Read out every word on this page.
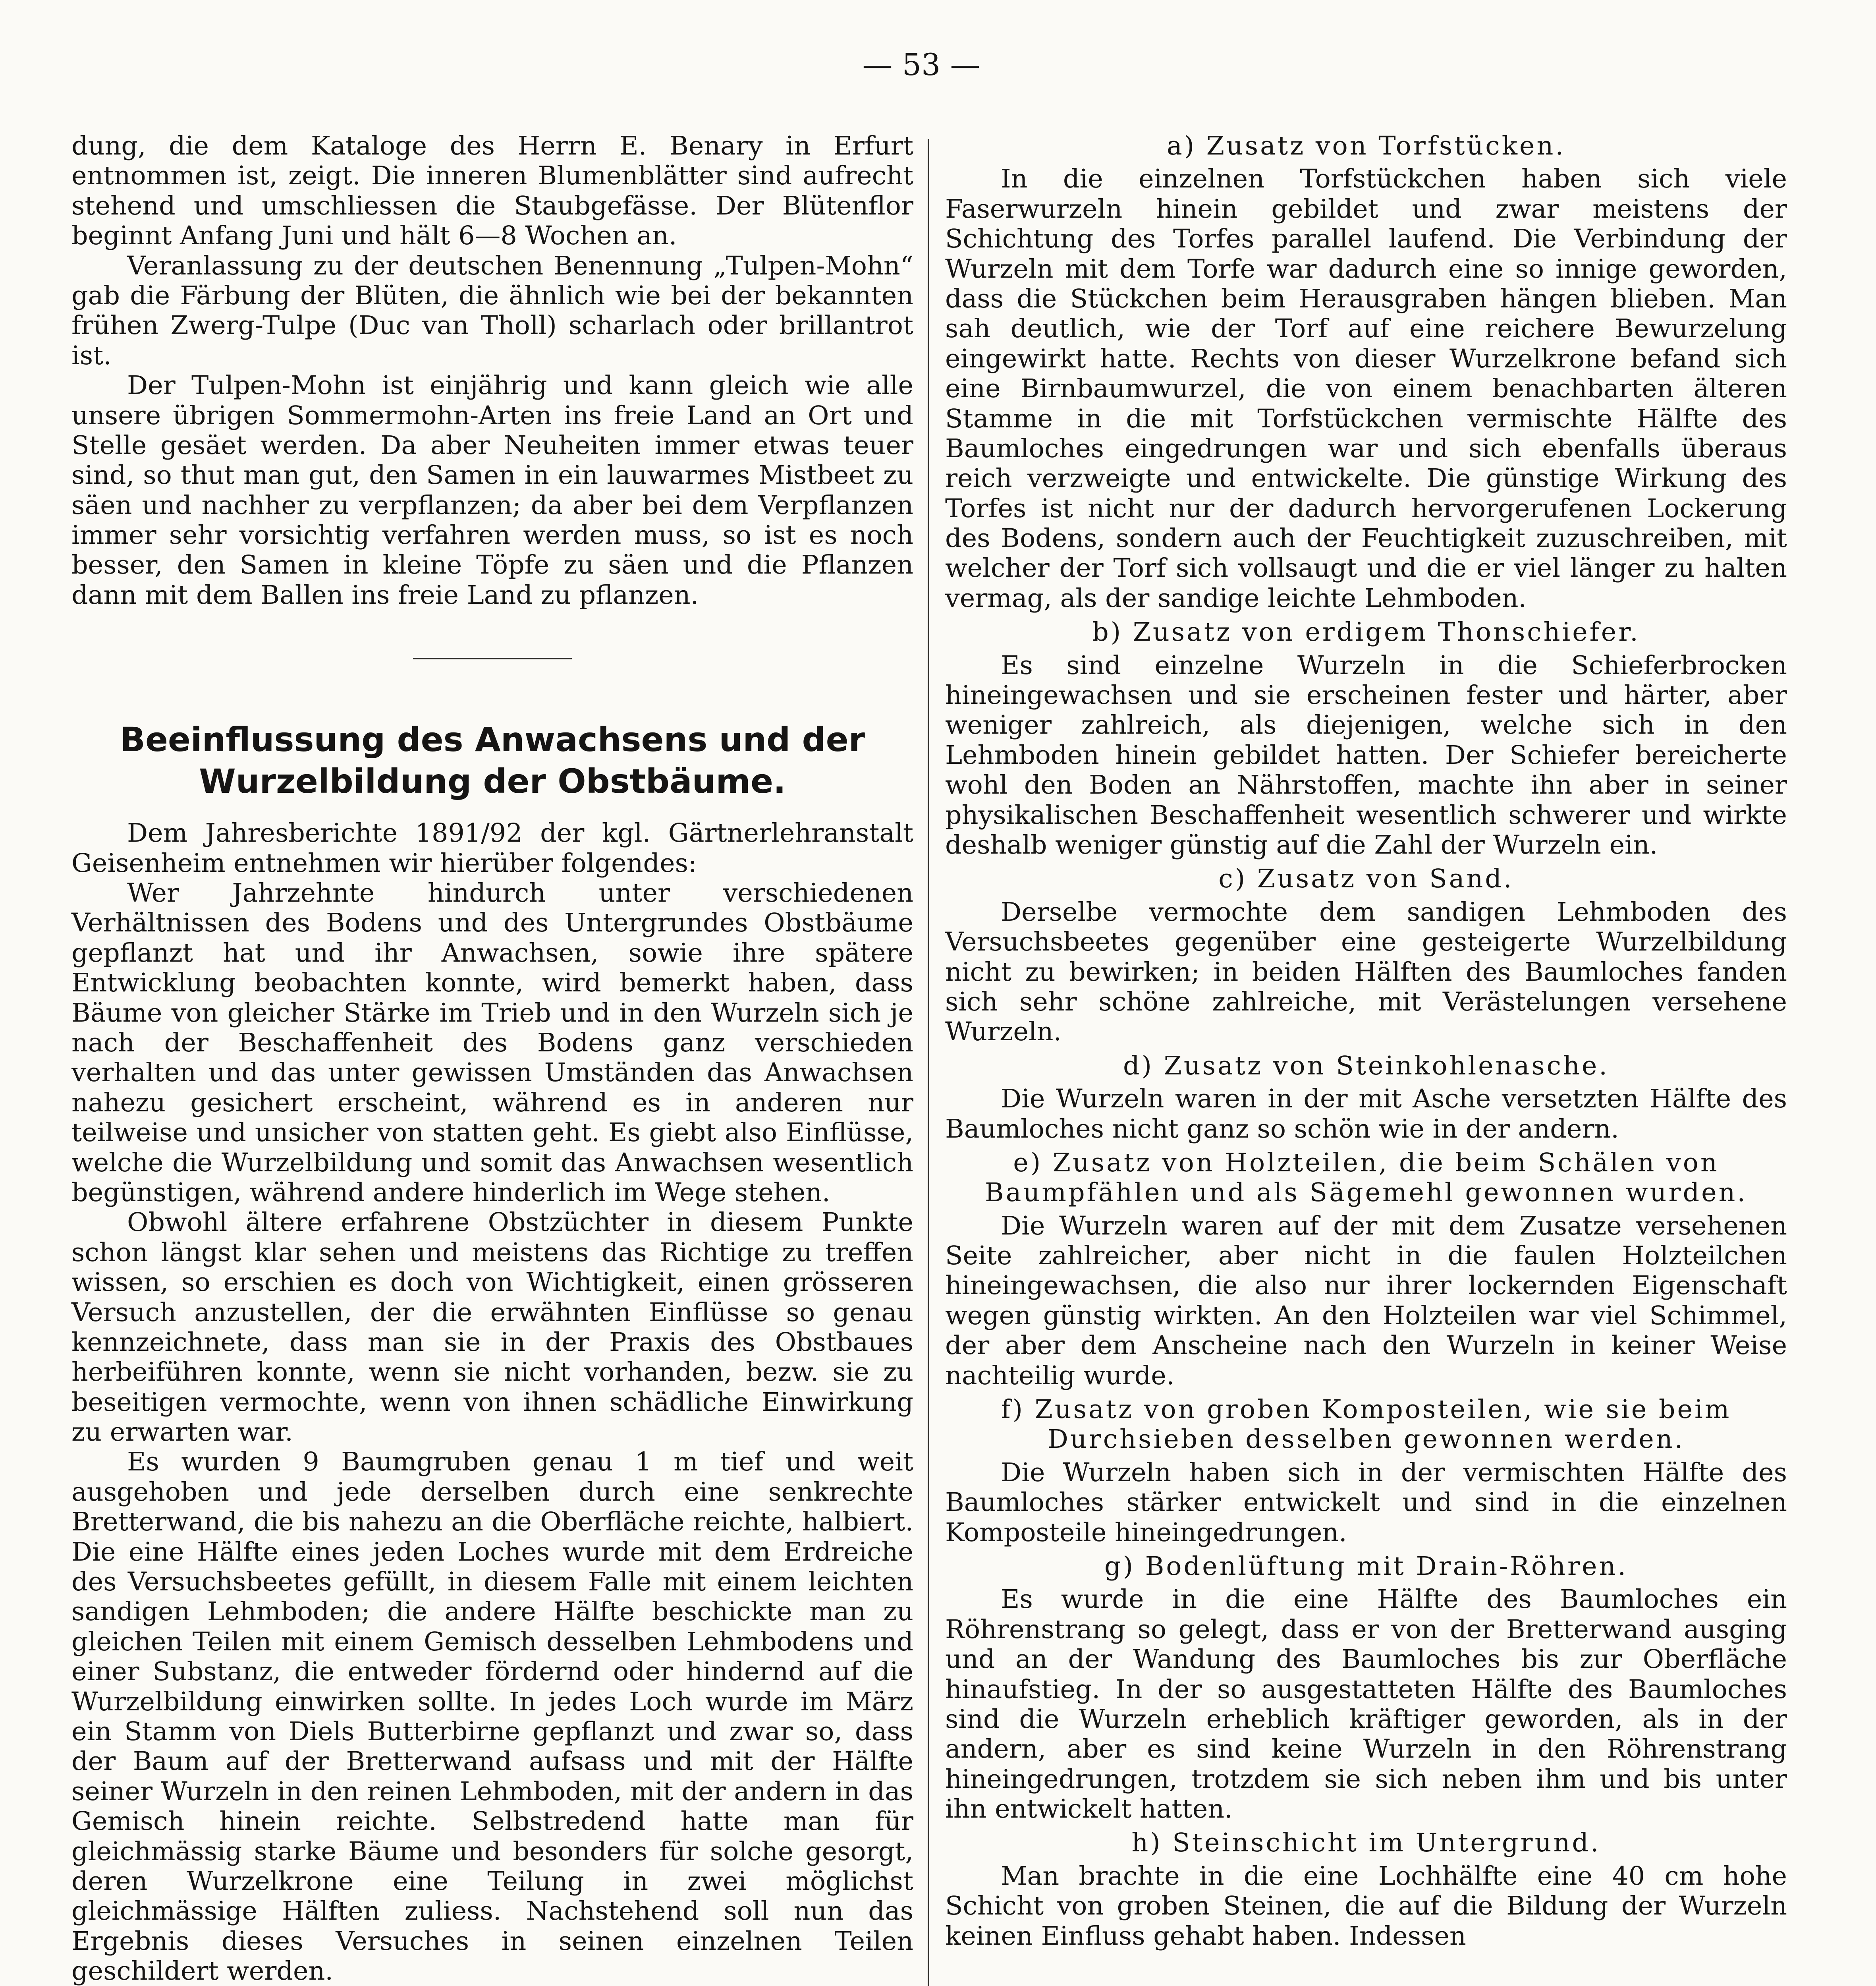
— 53 —

dung, die dem Kataloge des Herrn E. Benary in Erfurt entnommen ist, zeigt. Die inneren Blumenblätter sind aufrecht stehend und umschliessen die Staubgefässe. Der Blütenflor beginnt Anfang Juni und hält 6—8 Wochen an.

Veranlassung zu der deutschen Benennung „Tulpen-Mohn“ gab die Färbung der Blüten, die ähnlich wie bei der bekannten frühen Zwerg-Tulpe (Duc van Tholl) scharlach oder brillantrot ist.

Der Tulpen-Mohn ist einjährig und kann gleich wie alle unsere übrigen Sommermohn-Arten ins freie Land an Ort und Stelle gesäet werden. Da aber Neuheiten immer etwas teuer sind, so thut man gut, den Samen in ein lauwarmes Mistbeet zu säen und nachher zu verpflanzen; da aber bei dem Verpflanzen immer sehr vorsichtig verfahren werden muss, so ist es noch besser, den Samen in kleine Töpfe zu säen und die Pflanzen dann mit dem Ballen ins freie Land zu pflanzen.

Beeinflussung des Anwachsens und der Wurzelbildung der Obstbäume.

Dem Jahresberichte 1891/92 der kgl. Gärtnerlehranstalt Geisenheim entnehmen wir hierüber folgendes:

Wer Jahrzehnte hindurch unter verschiedenen Verhältnissen des Bodens und des Untergrundes Obstbäume gepflanzt hat und ihr Anwachsen, sowie ihre spätere Entwicklung beobachten konnte, wird bemerkt haben, dass Bäume von gleicher Stärke im Trieb und in den Wurzeln sich je nach der Beschaffenheit des Bodens ganz verschieden verhalten und das unter gewissen Umständen das Anwachsen nahezu gesichert erscheint, während es in anderen nur teilweise und unsicher von statten geht. Es giebt also Einflüsse, welche die Wurzelbildung und somit das Anwachsen wesentlich begünstigen, während andere hinderlich im Wege stehen.

Obwohl ältere erfahrene Obstzüchter in diesem Punkte schon längst klar sehen und meistens das Richtige zu treffen wissen, so erschien es doch von Wichtigkeit, einen grösseren Versuch anzustellen, der die erwähnten Einflüsse so genau kennzeichnete, dass man sie in der Praxis des Obstbaues herbeiführen konnte, wenn sie nicht vorhanden, bezw. sie zu beseitigen vermochte, wenn von ihnen schädliche Einwirkung zu erwarten war.

Es wurden 9 Baumgruben genau 1 m tief und weit ausgehoben und jede derselben durch eine senkrechte Bretterwand, die bis nahezu an die Oberfläche reichte, halbiert. Die eine Hälfte eines jeden Loches wurde mit dem Erdreiche des Versuchsbeetes gefüllt, in diesem Falle mit einem leichten sandigen Lehmboden; die andere Hälfte beschickte man zu gleichen Teilen mit einem Gemisch desselben Lehmbodens und einer Substanz, die entweder fördernd oder hindernd auf die Wurzelbildung einwirken sollte. In jedes Loch wurde im März ein Stamm von Diels Butterbirne gepflanzt und zwar so, dass der Baum auf der Bretterwand aufsass und mit der Hälfte seiner Wurzeln in den reinen Lehmboden, mit der andern in das Gemisch hinein reichte. Selbstredend hatte man für gleichmässig starke Bäume und besonders für solche gesorgt, deren Wurzelkrone eine Teilung in zwei möglichst gleichmässige Hälften zuliess. Nachstehend soll nun das Ergebnis dieses Versuches in seinen einzelnen Teilen geschildert werden.

a) Zusatz von Torfstücken.

In die einzelnen Torfstückchen haben sich viele Faserwurzeln hinein gebildet und zwar meistens der Schichtung des Torfes parallel laufend. Die Verbindung der Wurzeln mit dem Torfe war dadurch eine so innige geworden, dass die Stückchen beim Herausgraben hängen blieben. Man sah deutlich, wie der Torf auf eine reichere Bewurzelung eingewirkt hatte. Rechts von dieser Wurzelkrone befand sich eine Birnbaumwurzel, die von einem benachbarten älteren Stamme in die mit Torfstückchen vermischte Hälfte des Baumloches eingedrungen war und sich ebenfalls überaus reich verzweigte und entwickelte. Die günstige Wirkung des Torfes ist nicht nur der dadurch hervorgerufenen Lockerung des Bodens, sondern auch der Feuchtigkeit zuzuschreiben, mit welcher der Torf sich vollsaugt und die er viel länger zu halten vermag, als der sandige leichte Lehmboden.

b) Zusatz von erdigem Thonschiefer.

Es sind einzelne Wurzeln in die Schieferbrocken hineingewachsen und sie erscheinen fester und härter, aber weniger zahlreich, als diejenigen, welche sich in den Lehmboden hinein gebildet hatten. Der Schiefer bereicherte wohl den Boden an Nährstoffen, machte ihn aber in seiner physikalischen Beschaffenheit wesentlich schwerer und wirkte deshalb weniger günstig auf die Zahl der Wurzeln ein.

c) Zusatz von Sand.

Derselbe vermochte dem sandigen Lehmboden des Versuchsbeetes gegenüber eine gesteigerte Wurzelbildung nicht zu bewirken; in beiden Hälften des Baumloches fanden sich sehr schöne zahlreiche, mit Verästelungen versehene Wurzeln.

d) Zusatz von Steinkohlenasche.

Die Wurzeln waren in der mit Asche versetzten Hälfte des Baumloches nicht ganz so schön wie in der andern.

e) Zusatz von Holzteilen, die beim Schälen von Baumpfählen und als Sägemehl gewonnen wurden.

Die Wurzeln waren auf der mit dem Zusatze versehenen Seite zahlreicher, aber nicht in die faulen Holzteilchen hineingewachsen, die also nur ihrer lockernden Eigenschaft wegen günstig wirkten. An den Holzteilen war viel Schimmel, der aber dem Anscheine nach den Wurzeln in keiner Weise nachteilig wurde.

f) Zusatz von groben Komposteilen, wie sie beim Durchsieben desselben gewonnen werden.

Die Wurzeln haben sich in der vermischten Hälfte des Baumloches stärker entwickelt und sind in die einzelnen Komposteile hineingedrungen.

g) Bodenlüftung mit Drain-Röhren.

Es wurde in die eine Hälfte des Baumloches ein Röhrenstrang so gelegt, dass er von der Bretterwand ausging und an der Wandung des Baumloches bis zur Oberfläche hinaufstieg. In der so ausgestatteten Hälfte des Baumloches sind die Wurzeln erheblich kräftiger geworden, als in der andern, aber es sind keine Wurzeln in den Röhrenstrang hineingedrungen, trotzdem sie sich neben ihm und bis unter ihn entwickelt hatten.

h) Steinschicht im Untergrund.

Man brachte in die eine Lochhälfte eine 40 cm hohe Schicht von groben Steinen, die auf die Bildung der Wurzeln keinen Einfluss gehabt haben. Indessen
